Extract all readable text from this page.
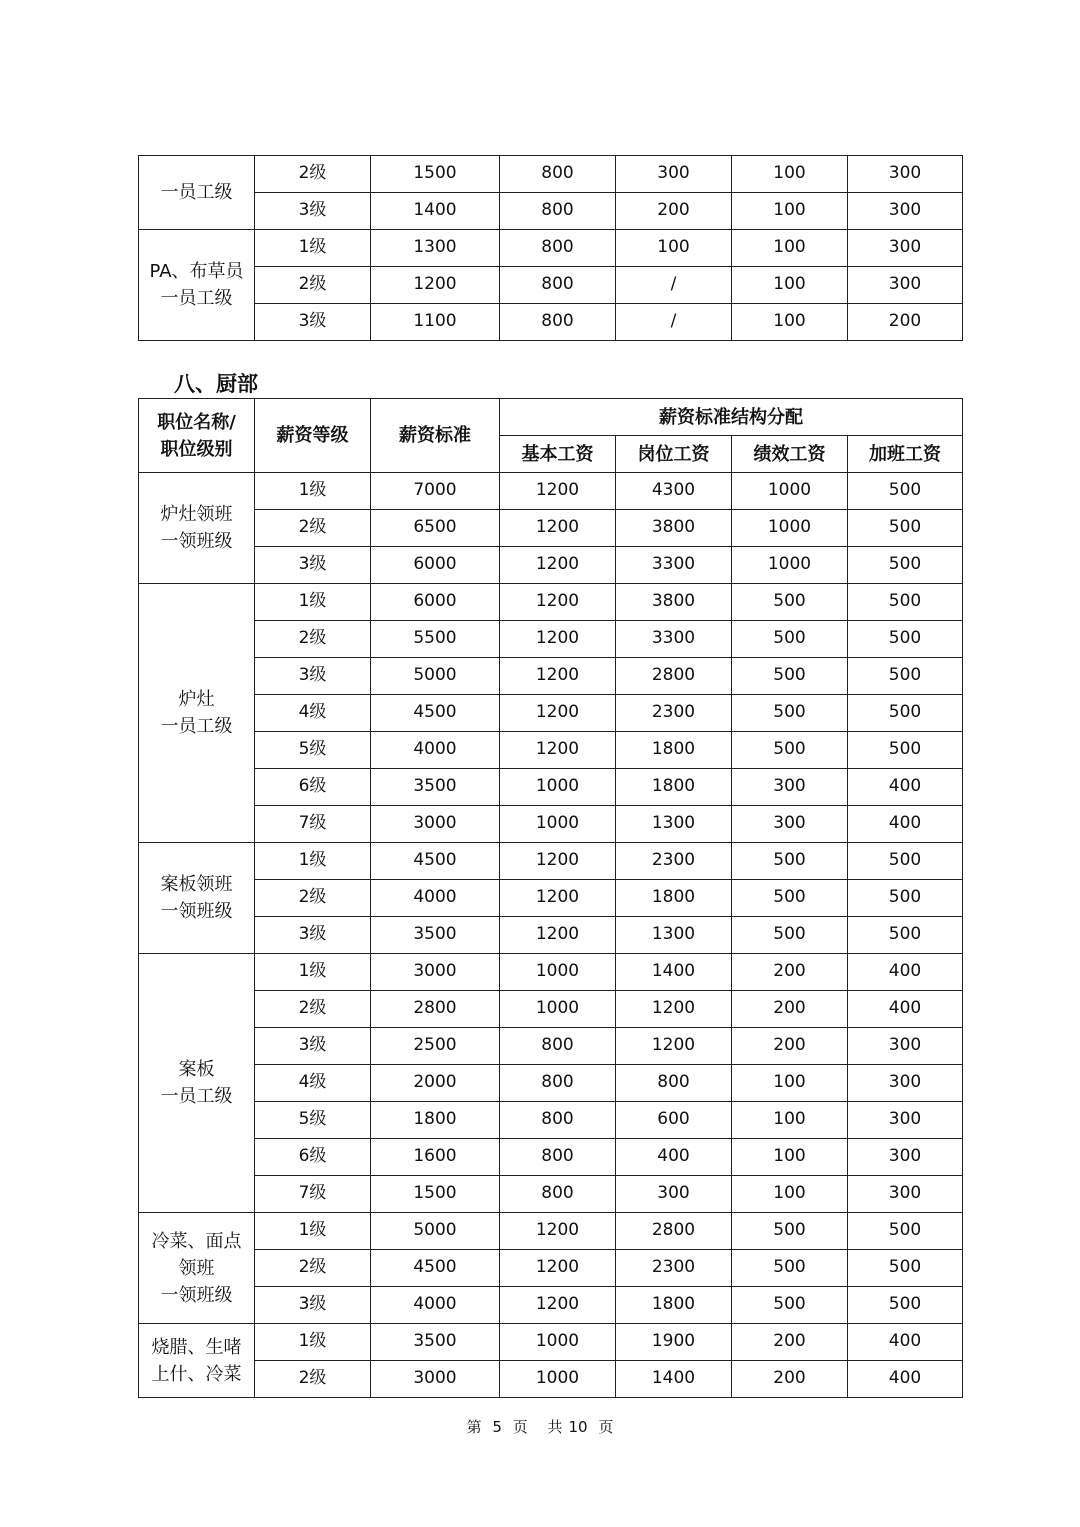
一员工级	2级	1500	800	300	100	300
	3级	1400	800	200	100	300
PA、布草员
一员工级	1级	1300	800	100	100	300
	2级	1200	800	/	100	300
	3级	1100	800	/	100	200
八、厨部
职位名称/
职位级别	薪资等级	薪资标准	薪资标准结构分配			
			基本工资	岗位工资	绩效工资	加班工资
炉灶领班
一领班级	1级	7000	1200	4300	1000	500
	2级	6500	1200	3800	1000	500
	3级	6000	1200	3300	1000	500
炉灶
一员工级	1级	6000	1200	3800	500	500
	2级	5500	1200	3300	500	500
	3级	5000	1200	2800	500	500
	4级	4500	1200	2300	500	500
	5级	4000	1200	1800	500	500
	6级	3500	1000	1800	300	400
	7级	3000	1000	1300	300	400
案板领班
一领班级	1级	4500	1200	2300	500	500
	2级	4000	1200	1800	500	500
	3级	3500	1200	1300	500	500
案板
一员工级	1级	3000	1000	1400	200	400
	2级	2800	1000	1200	200	400
	3级	2500	800	1200	200	300
	4级	2000	800	800	100	300
	5级	1800	800	600	100	300
	6级	1600	800	400	100	300
	7级	1500	800	300	100	300
冷菜、面点
领班
一领班级	1级	5000	1200	2800	500	500
	2级	4500	1200	2300	500	500
	3级	4000	1200	1800	500	500
烧腊、生啫
上什、冷菜	1级	3500	1000	1900	200	400
	2级	3000	1000	1400	200	400
第 5 页 共 10 页
